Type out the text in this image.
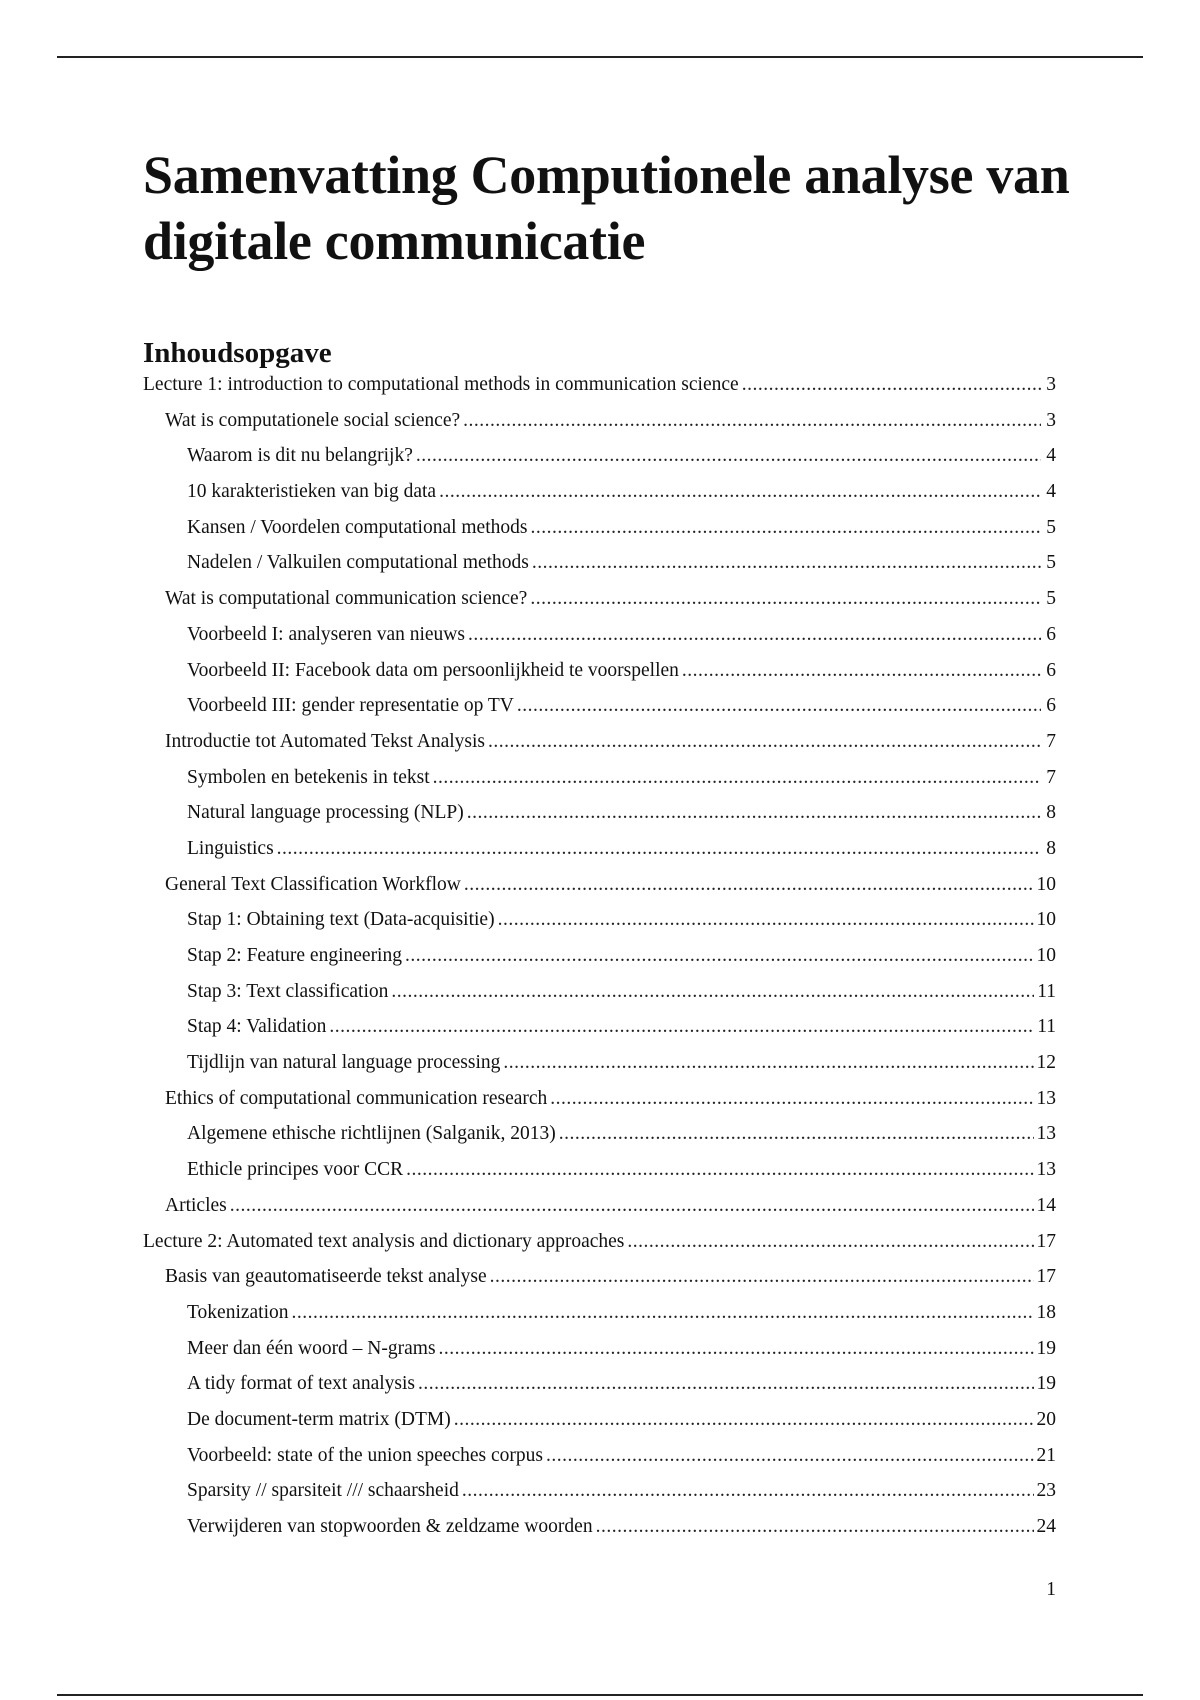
Samenvatting Computionele analyse van digitale communicatie
Inhoudsopgave
Lecture 1: introduction to computational methods in communication science .....	3
Wat is computationele social science? .....	3
Waarom is dit nu belangrijk? .....	4
10 karakteristieken van big data .....	4
Kansen / Voordelen computational methods .....	5
Nadelen / Valkuilen computational methods .....	5
Wat is computational communication science? .....	5
Voorbeeld I: analyseren van nieuws .....	6
Voorbeeld II: Facebook data om persoonlijkheid te voorspellen .....	6
Voorbeeld III: gender representatie op TV .....	6
Introductie tot Automated Tekst Analysis .....	7
Symbolen en betekenis in tekst .....	7
Natural language processing (NLP) .....	8
Linguistics .....	8
General Text Classification Workflow .....	10
Stap 1: Obtaining text (Data-acquisitie) .....	10
Stap 2: Feature engineering .....	10
Stap 3: Text classification .....	11
Stap 4: Validation .....	11
Tijdlijn van natural language processing .....	12
Ethics of computational communication research .....	13
Algemene ethische richtlijnen (Salganik, 2013) .....	13
Ethicle principes voor CCR .....	13
Articles .....	14
Lecture 2: Automated text analysis and dictionary approaches .....	17
Basis van geautomatiseerde tekst analyse .....	17
Tokenization .....	18
Meer dan één woord – N-grams .....	19
A tidy format of text analysis .....	19
De document-term matrix (DTM) .....	20
Voorbeeld: state of the union speeches corpus .....	21
Sparsity // sparsiteit /// schaarsheid .....	23
Verwijderen van stopwoorden & zeldzame woorden .....	24
1
